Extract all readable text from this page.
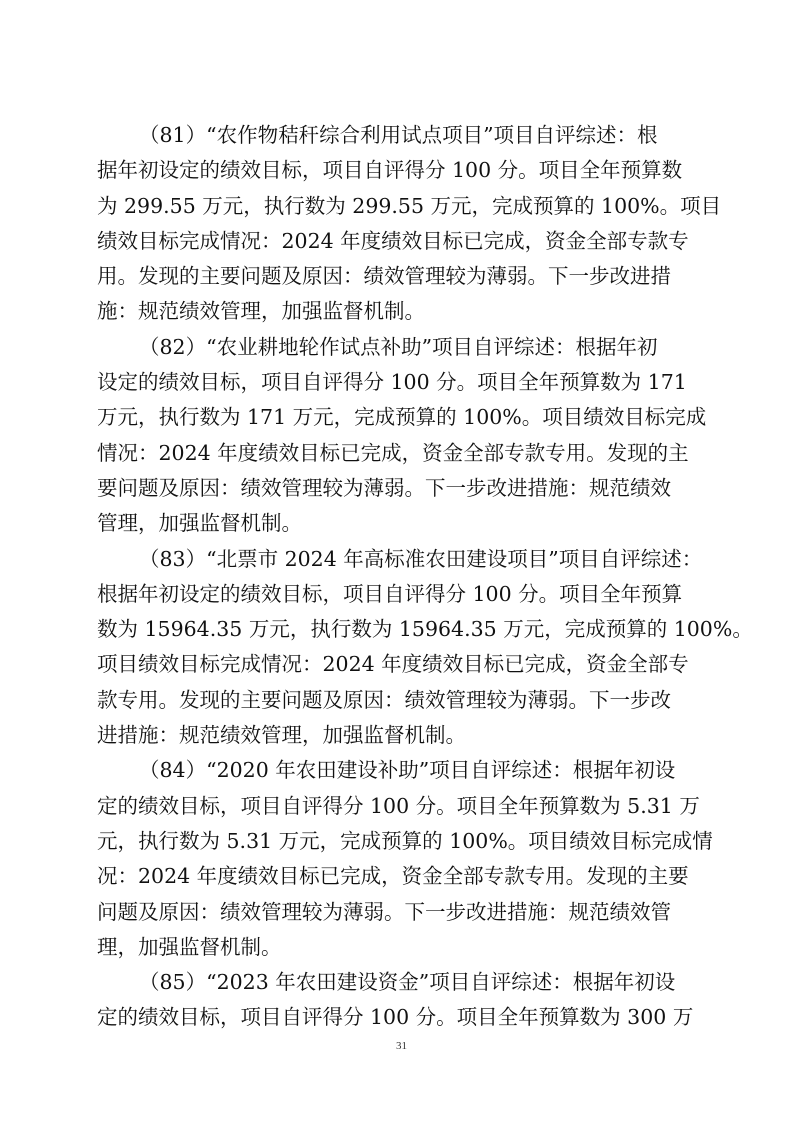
（81）“农作物秸秆综合利用试点项目”项目自评综述：根
据年初设定的绩效目标，项目自评得分 100 分。项目全年预算数
为 299.55 万元，执行数为 299.55 万元，完成预算的 100%。项目
绩效目标完成情况：2024 年度绩效目标已完成，资金全部专款专
用。发现的主要问题及原因：绩效管理较为薄弱。下一步改进措
施：规范绩效管理，加强监督机制。
（82）“农业耕地轮作试点补助”项目自评综述：根据年初
设定的绩效目标，项目自评得分 100 分。项目全年预算数为 171
万元，执行数为 171 万元，完成预算的 100%。项目绩效目标完成
情况：2024 年度绩效目标已完成，资金全部专款专用。发现的主
要问题及原因：绩效管理较为薄弱。下一步改进措施：规范绩效
管理，加强监督机制。
（83）“北票市 2024 年高标准农田建设项目”项目自评综述：
根据年初设定的绩效目标，项目自评得分 100 分。项目全年预算
数为 15964.35 万元，执行数为 15964.35 万元，完成预算的 100%。
项目绩效目标完成情况：2024 年度绩效目标已完成，资金全部专
款专用。发现的主要问题及原因：绩效管理较为薄弱。下一步改
进措施：规范绩效管理，加强监督机制。
（84）“2020 年农田建设补助”项目自评综述：根据年初设
定的绩效目标，项目自评得分 100 分。项目全年预算数为 5.31 万
元，执行数为 5.31 万元，完成预算的 100%。项目绩效目标完成情
况：2024 年度绩效目标已完成，资金全部专款专用。发现的主要
问题及原因：绩效管理较为薄弱。下一步改进措施：规范绩效管
理，加强监督机制。
（85）“2023 年农田建设资金”项目自评综述：根据年初设
定的绩效目标，项目自评得分 100 分。项目全年预算数为 300 万
31
